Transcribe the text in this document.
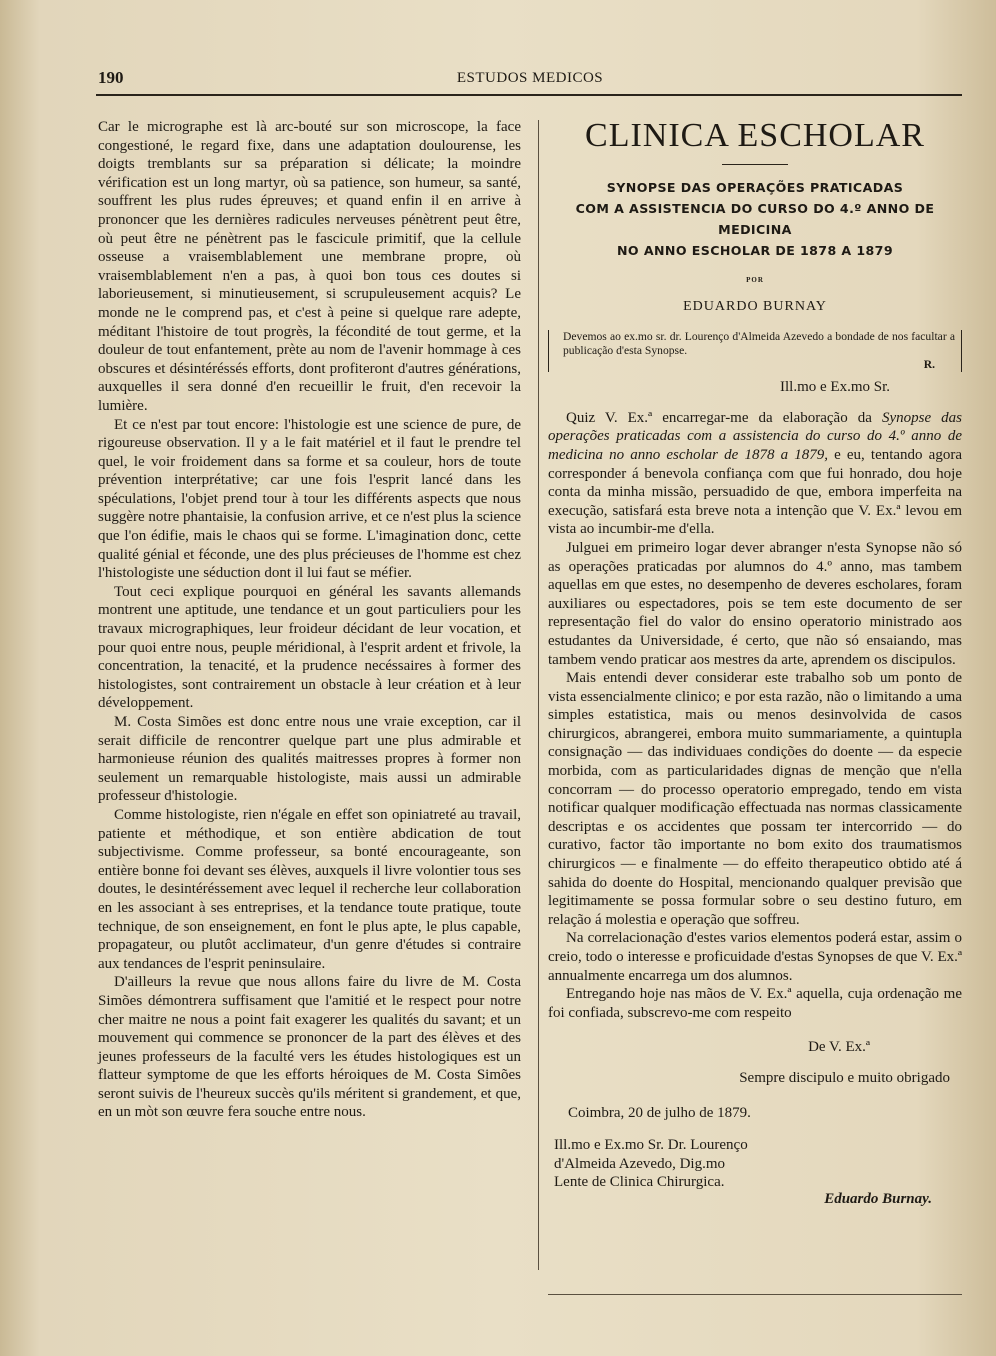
190	ESTUDOS MEDICOS

Car le micrographe est là arc-bouté sur son microscope, la face congestioné, le regard fixe, dans une adaptation doulourense, les doigts tremblants sur sa préparation si délicate; la moindre vérification est un long martyr, où sa patience, son humeur, sa santé, souffrent les plus rudes épreuves; et quand enfin il en arrive à prononcer que les dernières radicules nerveuses pénètrent peut être, où peut être ne pénètrent pas le fascicule primitif, que la cellule osseuse a vraisemblablement une membrane propre, où vraisemblablement n'en a pas, à quoi bon tous ces doutes si laborieusement, si minutieusement, si scrupuleusement acquis? Le monde ne le comprend pas, et c'est à peine si quelque rare adepte, méditant l'histoire de tout progrès, la fécondité de tout germe, et la douleur de tout enfantement, prète au nom de l'avenir hommage à ces obscures et désintéréssés efforts, dont profiteront d'autres générations, auxquelles il sera donné d'en recueillir le fruit, d'en recevoir la lumière.

Et ce n'est par tout encore: l'histologie est une science de pure, de rigoureuse observation. Il y a le fait matériel et il faut le prendre tel quel, le voir froidement dans sa forme et sa couleur, hors de toute prévention interprétative; car une fois l'esprit lancé dans les spéculations, l'objet prend tour à tour les différents aspects que nous suggère notre phantaisie, la confusion arrive, et ce n'est plus la science que l'on édifie, mais le chaos qui se forme. L'imagination donc, cette qualité génial et féconde, une des plus précieuses de l'homme est chez l'histologiste une séduction dont il lui faut se méfier.

Tout ceci explique pourquoi en général les savants allemands montrent une aptitude, une tendance et un gout particuliers pour les travaux micrographiques, leur froideur décidant de leur vocation, et pour quoi entre nous, peuple méridional, à l'esprit ardent et frivole, la concentration, la tenacité, et la prudence necéssaires à former des histologistes, sont contrairement un obstacle à leur création et à leur développement.

M. Costa Simões est donc entre nous une vraie exception, car il serait difficile de rencontrer quelque part une plus admirable et harmonieuse réunion des qualités maitresses propres à former non seulement un remarquable histologiste, mais aussi un admirable professeur d'histologie.

Comme histologiste, rien n'égale en effet son opiniatreté au travail, patiente et méthodique, et son entière abdication de tout subjectivisme. Comme professeur, sa bonté encourageante, son entière bonne foi devant ses élèves, auxquels il livre volontier tous ses doutes, le desintéréssement avec lequel il recherche leur collaboration en les associant à ses entreprises, et la tendance toute pratique, toute technique, de son enseignement, en font le plus apte, le plus capable, propagateur, ou plutôt acclimateur, d'un genre d'études si contraire aux tendances de l'esprit peninsulaire.

D'ailleurs la revue que nous allons faire du livre de M. Costa Simões démontrera suffisament que l'amitié et le respect pour notre cher maitre ne nous a point fait exagerer les qualités du savant; et un mouvement qui commence se prononcer de la part des élèves et des jeunes professeurs de la faculté vers les études histologiques est un flatteur symptome de que les efforts héroiques de M. Costa Simões seront suivis de l'heureux succès qu'ils méritent si grandement, et que, en un mòt son œuvre fera souche entre nous.

CLINICA ESCHOLAR
SYNOPSE DAS OPERAÇÕES PRATICADAS
COM A ASSISTENCIA DO CURSO DO 4.º ANNO DE MEDICINA
NO ANNO ESCHOLAR DE 1878 A 1879
POR
EDUARDO BURNAY
Devemos ao ex.mo sr. dr. Lourenço d'Almeida Azevedo a bondade de nos facultar a publicação d'esta Synopse.
R.
Ill.mo e Ex.mo Sr.

Quiz V. Ex.ª encarregar-me da elaboração da Synopse das operações praticadas com a assistencia do curso do 4.º anno de medicina no anno escholar de 1878 a 1879, e eu, tentando agora corresponder á benevola confiança com que fui honrado, dou hoje conta da minha missão, persuadido de que, embora imperfeita na execução, satisfará esta breve nota a intenção que V. Ex.ª levou em vista ao incumbir-me d'ella.

Julguei em primeiro logar dever abranger n'esta Synopse não só as operações praticadas por alumnos do 4.º anno, mas tambem aquellas em que estes, no desempenho de deveres escholares, foram auxiliares ou espectadores, pois se tem este documento de ser representação fiel do valor do ensino operatorio ministrado aos estudantes da Universidade, é certo, que não só ensaiando, mas tambem vendo praticar aos mestres da arte, aprendem os discipulos.

Mais entendi dever considerar este trabalho sob um ponto de vista essencialmente clinico; e por esta razão, não o limitando a uma simples estatistica, mais ou menos desinvolvida de casos chirurgicos, abrangerei, embora muito summariamente, a quintupla consignação — das individuaes condições do doente — da especie morbida, com as particularidades dignas de menção que n'ella concorram — do processo operatorio empregado, tendo em vista notificar qualquer modificação effectuada nas normas classicamente descriptas e os accidentes que possam ter intercorrido — do curativo, factor tão importante no bom exito dos traumatismos chirurgicos — e finalmente — do effeito therapeutico obtido até á sahida do doente do Hospital, mencionando qualquer previsão que legitimamente se possa formular sobre o seu destino futuro, em relação á molestia e operação que soffreu.

Na correlacionação d'estes varios elementos poderá estar, assim o creio, todo o interesse e proficuidade d'estas Synopses de que V. Ex.ª annualmente encarrega um dos alumnos.

Entregando hoje nas mãos de V. Ex.ª aquella, cuja ordenação me foi confiada, subscrevo-me com respeito

De V. Ex.ª
Sempre discipulo e muito obrigado
Coimbra, 20 de julho de 1879.
Ill.mo e Ex.mo Sr. Dr. Lourenço
d'Almeida Azevedo, Dig.mo
Lente de Clinica Chirurgica.
Eduardo Burnay.
